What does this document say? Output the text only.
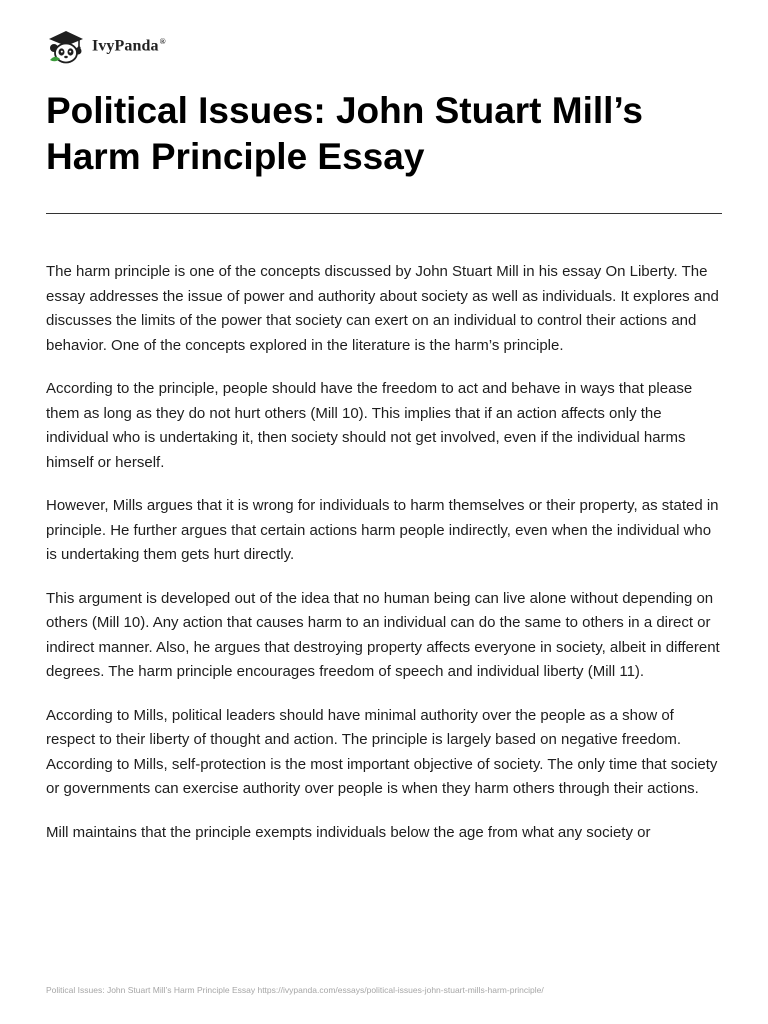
IvyPanda®
Political Issues: John Stuart Mill’s Harm Principle Essay

The harm principle is one of the concepts discussed by John Stuart Mill in his essay On Liberty. The essay addresses the issue of power and authority about society as well as individuals. It explores and discusses the limits of the power that society can exert on an individual to control their actions and behavior. One of the concepts explored in the literature is the harm’s principle.

According to the principle, people should have the freedom to act and behave in ways that please them as long as they do not hurt others (Mill 10). This implies that if an action affects only the individual who is undertaking it, then society should not get involved, even if the individual harms himself or herself.

However, Mills argues that it is wrong for individuals to harm themselves or their property, as stated in principle. He further argues that certain actions harm people indirectly, even when the individual who is undertaking them gets hurt directly.

This argument is developed out of the idea that no human being can live alone without depending on others (Mill 10). Any action that causes harm to an individual can do the same to others in a direct or indirect manner. Also, he argues that destroying property affects everyone in society, albeit in different degrees. The harm principle encourages freedom of speech and individual liberty (Mill 11).

According to Mills, political leaders should have minimal authority over the people as a show of respect to their liberty of thought and action. The principle is largely based on negative freedom. According to Mills, self-protection is the most important objective of society. The only time that society or governments can exercise authority over people is when they harm others through their actions.

Mill maintains that the principle exempts individuals below the age from what any society or

Political Issues: John Stuart Mill’s Harm Principle Essay https://ivypanda.com/essays/political-issues-john-stuart-mills-harm-principle/
